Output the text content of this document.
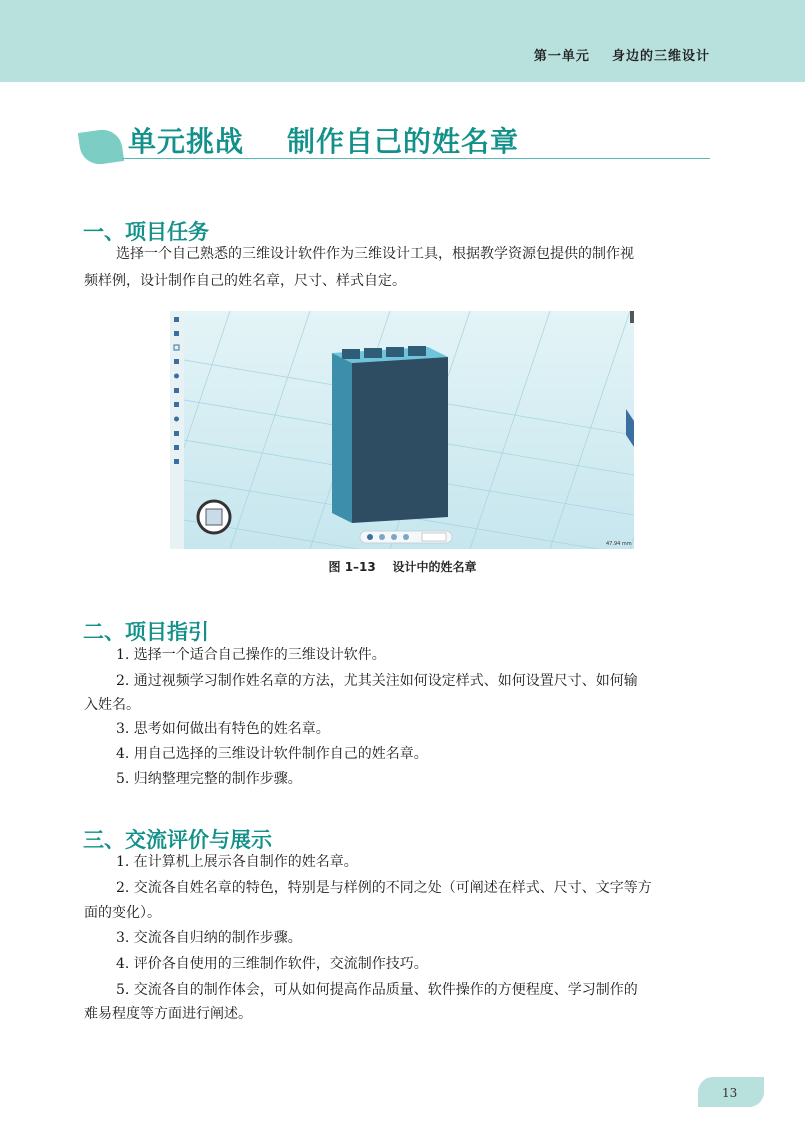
第一单元    身边的三维设计
单元挑战    制作自己的姓名章
一、项目任务
选择一个自己熟悉的三维设计软件作为三维设计工具，根据教学资源包提供的制作视
频样例，设计制作自己的姓名章，尺寸、样式自定。
47.94 mm
图 1–13    设计中的姓名章
二、项目指引
1. 选择一个适合自己操作的三维设计软件。
2. 通过视频学习制作姓名章的方法，尤其关注如何设定样式、如何设置尺寸、如何输
入姓名。
3. 思考如何做出有特色的姓名章。
4. 用自己选择的三维设计软件制作自己的姓名章。
5. 归纳整理完整的制作步骤。
三、交流评价与展示
1. 在计算机上展示各自制作的姓名章。
2. 交流各自姓名章的特色，特别是与样例的不同之处（可阐述在样式、尺寸、文字等方
面的变化）。
3. 交流各自归纳的制作步骤。
4. 评价各自使用的三维制作软件，交流制作技巧。
5. 交流各自的制作体会，可从如何提高作品质量、软件操作的方便程度、学习制作的
难易程度等方面进行阐述。
13
